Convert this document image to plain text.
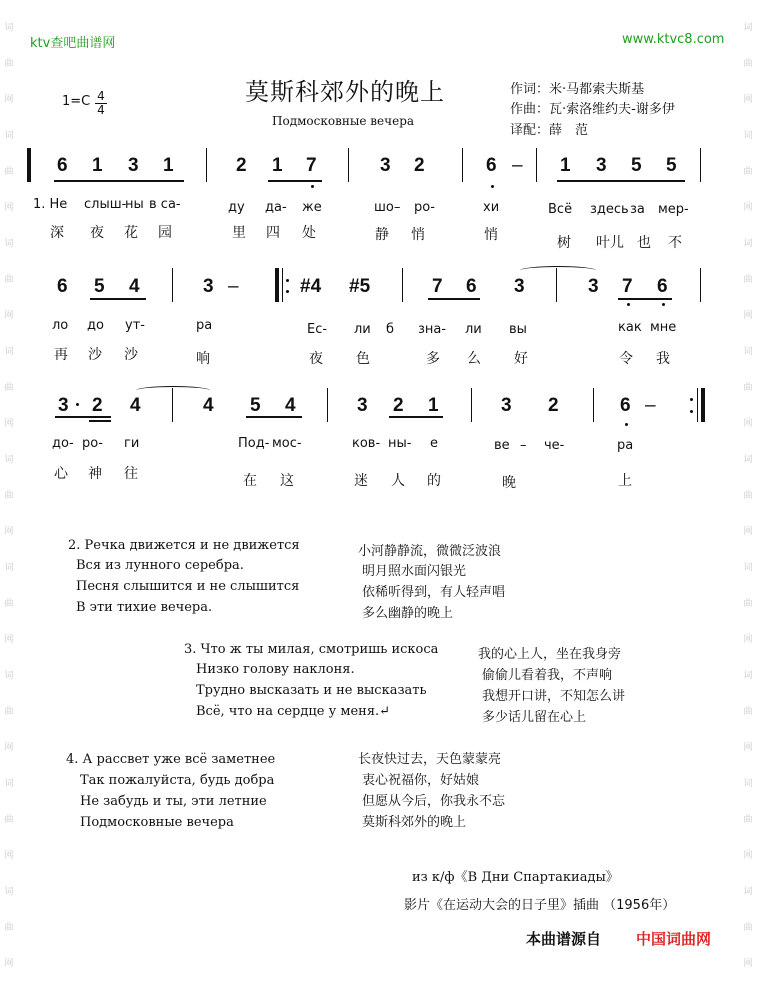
词
曲
网
词
曲
网
词
曲
网
词
曲
网
词
曲
网
词
曲
网
词
曲
网
词
曲
网
词
曲
网
词
曲
网
词
曲
网
词
曲
网
词
曲
网
词
曲
网
词
曲
网
词
曲
网
词
曲
网
词
曲
网
ktv查吧曲谱网	www.ktvc8.com
莫斯科郊外的晚上
Подмосковные вечера
1=C 4
4
作词：米·马都索夫斯基
作曲：瓦·索洛维约夫-谢多伊
译配：薛　范
6 1 3 1	2 1 7	3 2	6 – 1 3 5 5
1. Не слыш-
ны в са-	ду да- же	шо – ро-	хи	Всё здесь за мер-
深 夜 花 园	里 四 处	静 悄	悄	树 叶儿 也 不
6 5 4	3 –	#4 #5	7 6 3	3 7 6
ло до ут-	ра	Ес- ли б зна- ли вы	как мне
再 沙 沙	响	夜 色	多 么 好	令 我
3 2 4	4 5 4	3 2 1	3 2	6 –
до- ро- ги	Под- мос-	ков- ны- е	ве – че-	ра
心 神 往	在 这	迷 人 的	晚	上
2. Речка движется и не движется
Вся из лунного серебра.
Песня слышится и не слышится
В эти тихие вечера.
小河静静流，微微泛波浪
明月照水面闪银光
依稀听得到，有人轻声唱
多么幽静的晚上
3. Что ж ты милая, смотришь искоса
Низко голову наклоня.
Трудно высказать и не высказать
Всё, что на сердце у меня.↵
我的心上人，坐在我身旁
偷偷儿看着我，不声响
我想开口讲，不知怎么讲
多少话儿留在心上
4. А рассвет уже всё заметнее
Так пожалуйста, будь добра
Не забудь и ты, эти летние
Подмосковные вечера
长夜快过去，天色蒙蒙亮
衷心祝福你，好姑娘
但愿从今后，你我永不忘
莫斯科郊外的晚上
из к/ф《В Дни Спартакиады》
影片《在运动大会的日子里》插曲 （1956年）
本曲谱源自 中国词曲网
